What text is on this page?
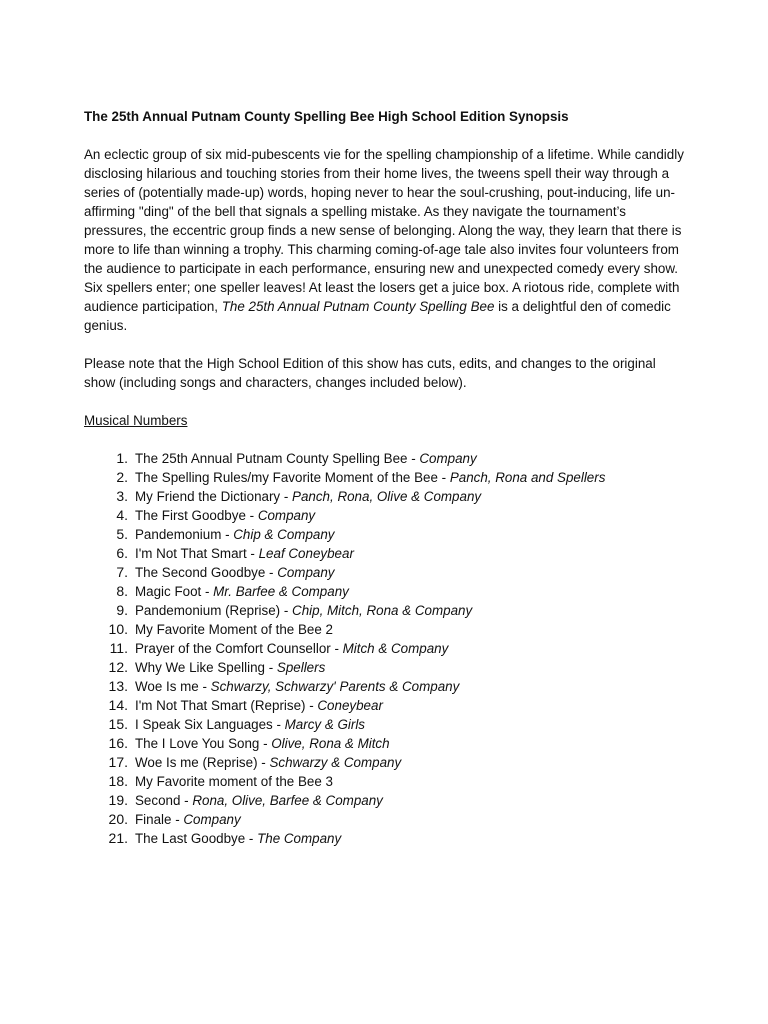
The 25th Annual Putnam County Spelling Bee High School Edition Synopsis
An eclectic group of six mid-pubescents vie for the spelling championship of a lifetime. While candidly disclosing hilarious and touching stories from their home lives, the tweens spell their way through a series of (potentially made-up) words, hoping never to hear the soul-crushing, pout-inducing, life un-affirming "ding" of the bell that signals a spelling mistake. As they navigate the tournament’s pressures, the eccentric group finds a new sense of belonging. Along the way, they learn that there is more to life than winning a trophy. This charming coming-of-age tale also invites four volunteers from the audience to participate in each performance, ensuring new and unexpected comedy every show. Six spellers enter; one speller leaves! At least the losers get a juice box. A riotous ride, complete with audience participation, The 25th Annual Putnam County Spelling Bee is a delightful den of comedic genius.
Please note that the High School Edition of this show has cuts, edits, and changes to the original show (including songs and characters, changes included below).
Musical Numbers
1. The 25th Annual Putnam County Spelling Bee - Company
2. The Spelling Rules/my Favorite Moment of the Bee - Panch, Rona and Spellers
3. My Friend the Dictionary - Panch, Rona, Olive & Company
4. The First Goodbye - Company
5. Pandemonium - Chip & Company
6. I'm Not That Smart - Leaf Coneybear
7. The Second Goodbye - Company
8. Magic Foot - Mr. Barfee & Company
9. Pandemonium (Reprise) - Chip, Mitch, Rona & Company
10. My Favorite Moment of the Bee 2
11. Prayer of the Comfort Counsellor - Mitch & Company
12. Why We Like Spelling - Spellers
13. Woe Is me - Schwarzy, Schwarzy' Parents & Company
14. I'm Not That Smart (Reprise) - Coneybear
15. I Speak Six Languages - Marcy & Girls
16. The I Love You Song - Olive, Rona & Mitch
17. Woe Is me (Reprise) - Schwarzy & Company
18. My Favorite moment of the Bee 3
19. Second - Rona, Olive, Barfee & Company
20. Finale - Company
21. The Last Goodbye - The Company
